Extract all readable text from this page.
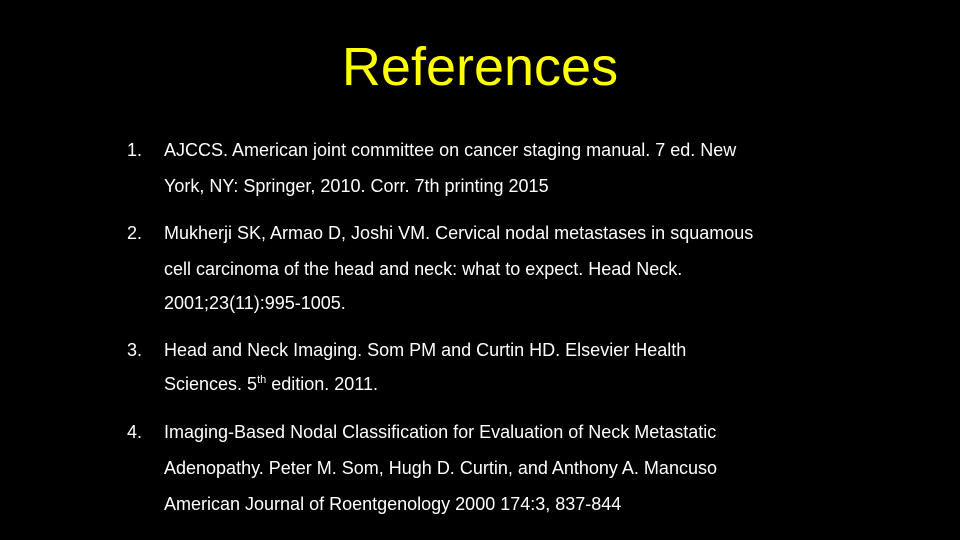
References
1. AJCCS. American joint committee on cancer staging manual. 7 ed. New
York, NY: Springer, 2010. Corr. 7th printing 2015
2. Mukherji SK, Armao D, Joshi VM. Cervical nodal metastases in squamous
cell carcinoma of the head and neck: what to expect. Head Neck.
2001;23(11):995-1005.
3. Head and Neck Imaging. Som PM and Curtin HD. Elsevier Health
Sciences. 5th edition. 2011.
4. Imaging-Based Nodal Classification for Evaluation of Neck Metastatic
Adenopathy. Peter M. Som, Hugh D. Curtin, and Anthony A. Mancuso
American Journal of Roentgenology 2000 174:3, 837-844
